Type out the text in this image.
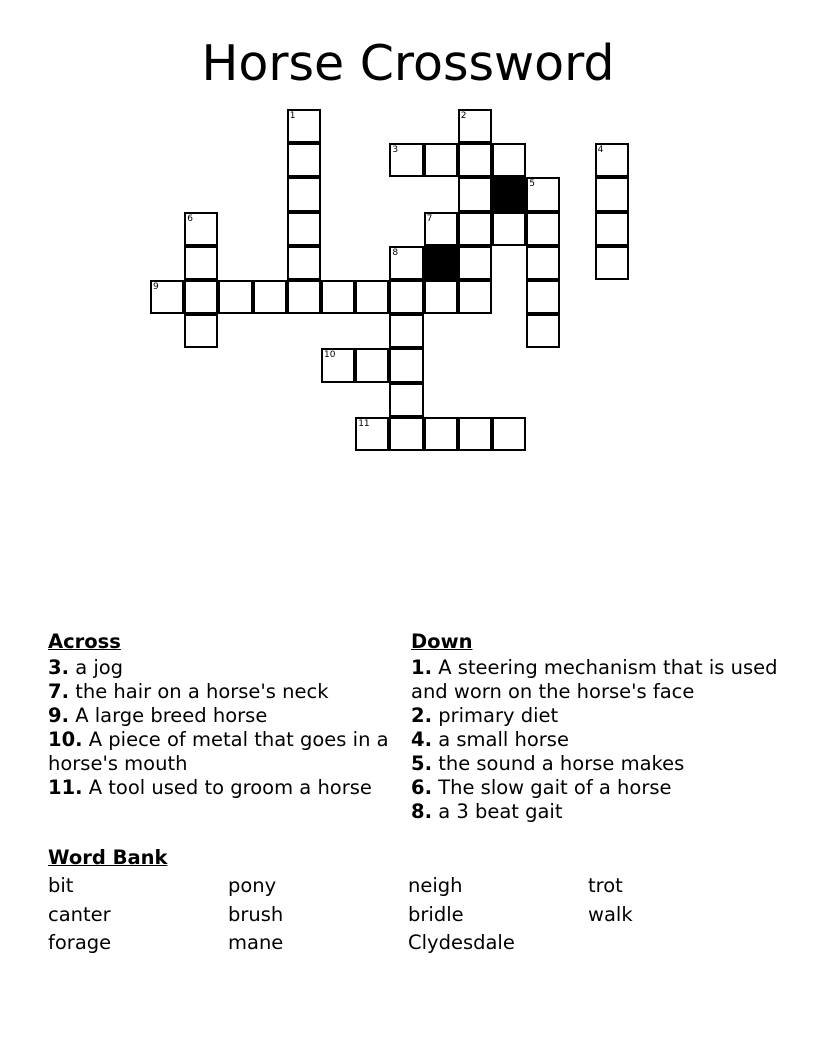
Horse Crossword
1	2
3	4
5
6	7
8
9
10
11
Across
3. a jog
7. the hair on a horse's neck
9. A large breed horse
10. A piece of metal that goes in a horse's mouth
11. A tool used to groom a horse
Down
1. A steering mechanism that is used and worn on the horse's face
2. primary diet
4. a small horse
5. the sound a horse makes
6. The slow gait of a horse
8. a 3 beat gait
Word Bank
bit	pony	neigh	trot
canter	brush	bridle	walk
forage	mane	Clydesdale
